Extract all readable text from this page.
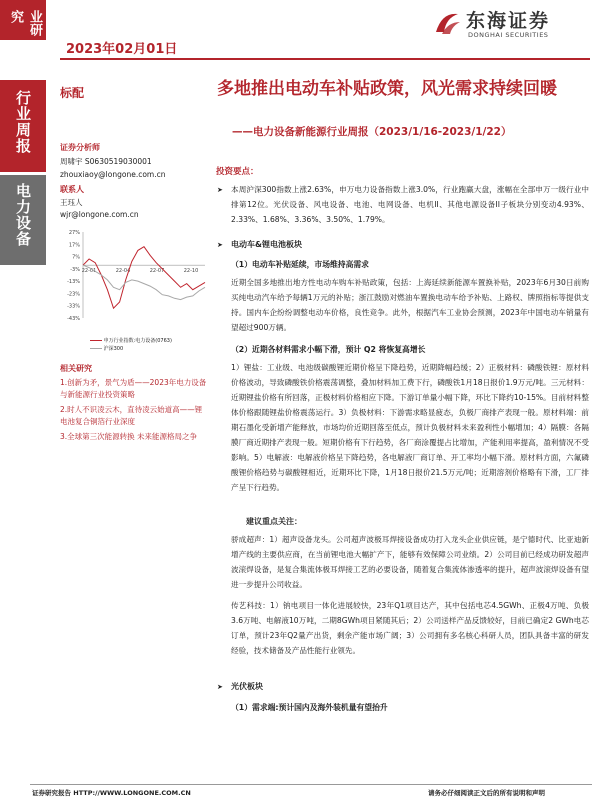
业研究
2023年02月01日
东海证券
DONGHAI SECURITIES
行业周报
电力设备
标配	多地推出电动车补贴政策，风光需求持续回暖
——电力设备新能源行业周报（2023/1/16-2023/1/22）
证券分析师
周啸宇 S0630519030001
zhouxiaoy@longone.com.cn
联系人
王珏人
wjr@longone.com.cn
27%
17%
7%
-3%
-13%
-23%
-33%
-43%
22-01	22-04	22-07	22-10
申万行业指数:电力设备(0763)
沪深300
相关研究
1.创新为矛，景气为盾——2023年电力设备与新能源行业投资策略
2.时人不识凌云木，直待凌云始道高——锂电池复合铜箔行业深度
3.全球第三次能源转换 未来能源格局之争
投资要点：
➤ 本周沪深300指数上涨2.63%，申万电力设备指数上涨3.0%，行业跑赢大盘，涨幅在全部申万一级行业中排第12位。光伏设备、风电设备、电池、电网设备、电机II、其他电源设备II子板块分别变动4.93%、2.33%、1.68%、3.36%、3.50%、1.79%。
➤ 电动车&锂电池板块
（1）电动车补贴延续，市场维持高需求
近期全国多地推出地方性电动车购车补贴政策，包括：上海延续新能源车置换补贴，2023年6月30日前购买纯电动汽车给予每辆1万元的补贴；浙江鼓励对燃油车置换电动车给予补贴、上路权、牌照指标等提供支持。国内车企纷纷调整电动车价格，良性竞争。此外，根据汽车工业协会预测，2023年中国电动车销量有望超过900万辆。
（2）近期各材料需求小幅下滑，预计 Q2 将恢复高增长
1）锂盐：工业级、电池级碳酸锂近期价格呈下降趋势，近期降幅趋缓；2）正极材料：磷酸铁锂：原材料价格波动，导致磷酸铁价格震荡调整，叠加材料加工费下行，磷酸铁1月18日报价1.9万元/吨。三元材料：近期锂盐价格有所回落，正极材料价格相应下降。下游订单量小幅下降，环比下降约10-15%。目前材料整体价格跟随锂盐价格震荡运行。3）负极材料：下游需求略显疲态，负极厂商排产表现一般。原材料端：前期石墨化受新增产能释放，市场均价近期回落至低点，预计负极材料未来盈利性小幅增加；4）隔膜：各隔膜厂商近期排产表现一般。短期价格有下行趋势，各厂商涂覆提占比增加，产能利用率提高，盈利情况不受影响。5）电解液：电解液价格呈下降趋势，各电解液厂商订单、开工率均小幅下滑。原材料方面，六氟磷酸锂价格趋势与碳酸锂相近，近期环比下降，1月18日报价21.5万元/吨；近期溶剂价格略有下滑，工厂排产呈下行趋势。
建议重点关注：
骄成超声：1）超声设备龙头。公司超声波极耳焊接设备成功打入龙头企业供应链，是宁德时代、比亚迪新增产线的主要供应商，在当前锂电池大幅扩产下，能够有效保障公司业绩。2）公司目前已经成功研发超声波滚焊设备，是复合集流体极耳焊接工艺的必要设备，随着复合集流体渗透率的提升，超声波滚焊设备有望进一步提升公司收益。
传艺科技：1）钠电项目一体化进展较快，23年Q1项目达产，其中包括电芯4.5GWh、正极4万吨、负极3.6万吨、电解液10万吨，二期8GWh项目紧随其后；2）公司送样产品反馈较好，目前已确定2 GWh电芯订单，预计23年Q2量产出货，剩余产能市场广阔；3）公司拥有多名核心科研人员，团队具备丰富的研发经验，技术储备及产品性能行业领先。
➤ 光伏板块
（1）需求端:预计国内及海外装机量有望抬升
证券研究报告 HTTP://WWW.LONGONE.COM.CN	请务必仔细阅读正文后的所有说明和声明
